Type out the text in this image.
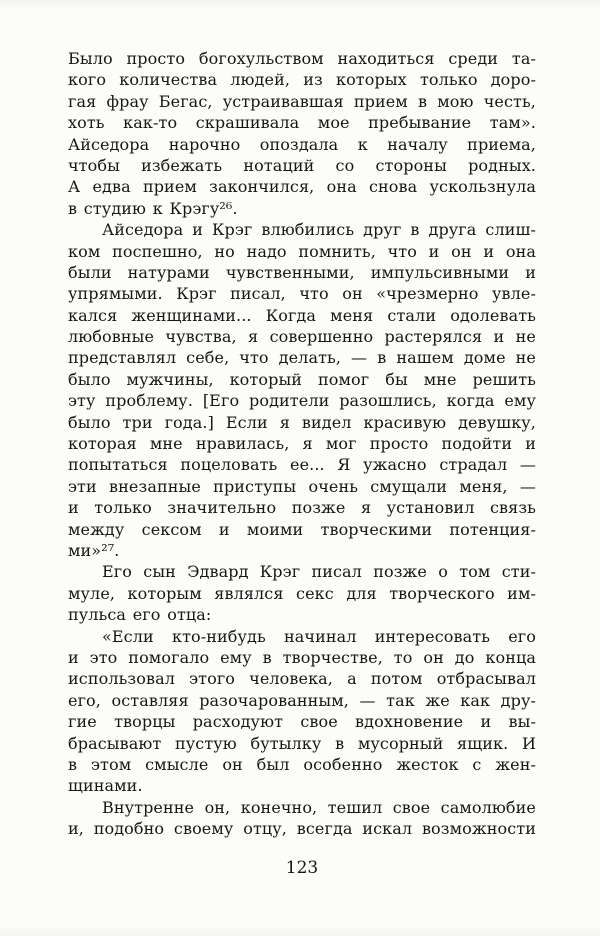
Было просто богохульством находиться среди та-
кого количества людей, из которых только доро-
гая фрау Бегас, устраивавшая прием в мою честь,
хоть как-то скрашивала мое пребывание там».
Айседора нарочно опоздала к началу приема,
чтобы избежать нотаций со стороны родных.
А едва прием закончился, она снова ускользнула
в студию к Крэгу²⁶.
Айседора и Крэг влюбились друг в друга слиш-
ком поспешно, но надо помнить, что и он и она
были натурами чувственными, импульсивными и
упрямыми. Крэг писал, что он «чрезмерно увле-
кался женщинами... Когда меня стали одолевать
любовные чувства, я совершенно растерялся и не
представлял себе, что делать, — в нашем доме не
было мужчины, который помог бы мне решить
эту проблему. [Его родители разошлись, когда ему
было три года.] Если я видел красивую девушку,
которая мне нравилась, я мог просто подойти и
попытаться поцеловать ее... Я ужасно страдал —
эти внезапные приступы очень смущали меня, —
и только значительно позже я установил связь
между сексом и моими творческими потенция-
ми»²⁷.
Его сын Эдвард Крэг писал позже о том сти-
муле, которым являлся секс для творческого им-
пульса его отца:
«Если кто-нибудь начинал интересовать его
и это помогало ему в творчестве, то он до конца
использовал этого человека, а потом отбрасывал
его, оставляя разочарованным, — так же как дру-
гие творцы расходуют свое вдохновение и вы-
брасывают пустую бутылку в мусорный ящик. И
в этом смысле он был особенно жесток с жен-
щинами.
Внутренне он, конечно, тешил свое самолюбие
и, подобно своему отцу, всегда искал возможности
123
